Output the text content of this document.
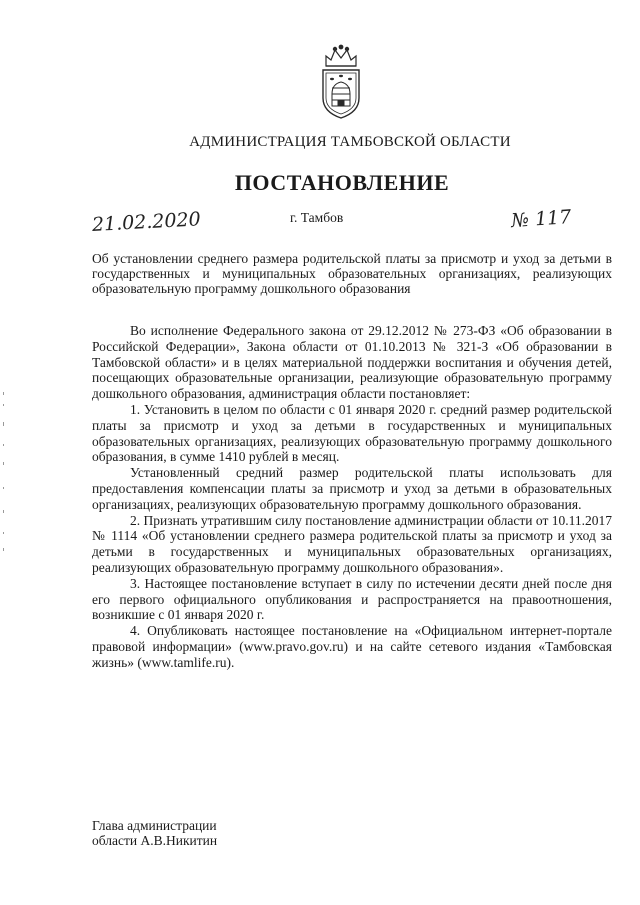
АДМИНИСТРАЦИЯ ТАМБОВСКОЙ ОБЛАСТИ
ПОСТАНОВЛЕНИЕ
21.02.2020	г. Тамбов	№ 117
Об установлении среднего размера родительской платы за присмотр и уход за детьми в государственных и муниципальных образовательных организациях, реализующих образовательную программу дошкольного образования

Во исполнение Федерального закона от 29.12.2012 № 273-ФЗ «Об образовании в Российской Федерации», Закона области от 01.10.2013 № 321-З «Об образовании в Тамбовской области» и в целях материальной поддержки воспитания и обучения детей, посещающих образовательные организации, реализующие образовательную программу дошкольного образования, администрация области постановляет:

1. Установить в целом по области с 01 января 2020 г. средний размер родительской платы за присмотр и уход за детьми в государственных и муниципальных образовательных организациях, реализующих образовательную программу дошкольного образования, в сумме 1410 рублей в месяц.

Установленный средний размер родительской платы использовать для предоставления компенсации платы за присмотр и уход за детьми в образовательных организациях, реализующих образовательную программу дошкольного образования.

2. Признать утратившим силу постановление администрации области от 10.11.2017 № 1114 «Об установлении среднего размера родительской платы за присмотр и уход за детьми в государственных и муниципальных образовательных организациях, реализующих образовательную программу дошкольного образования».

3. Настоящее постановление вступает в силу по истечении десяти дней после дня его первого официального опубликования и распространяется на правоотношения, возникшие с 01 января 2020 г.

4. Опубликовать настоящее постановление на «Официальном интернет-портале правовой информации» (www.pravo.gov.ru) и на сайте сетевого издания «Тамбовская жизнь» (www.tamlife.ru).

Глава администрации
области А.В.Никитин
